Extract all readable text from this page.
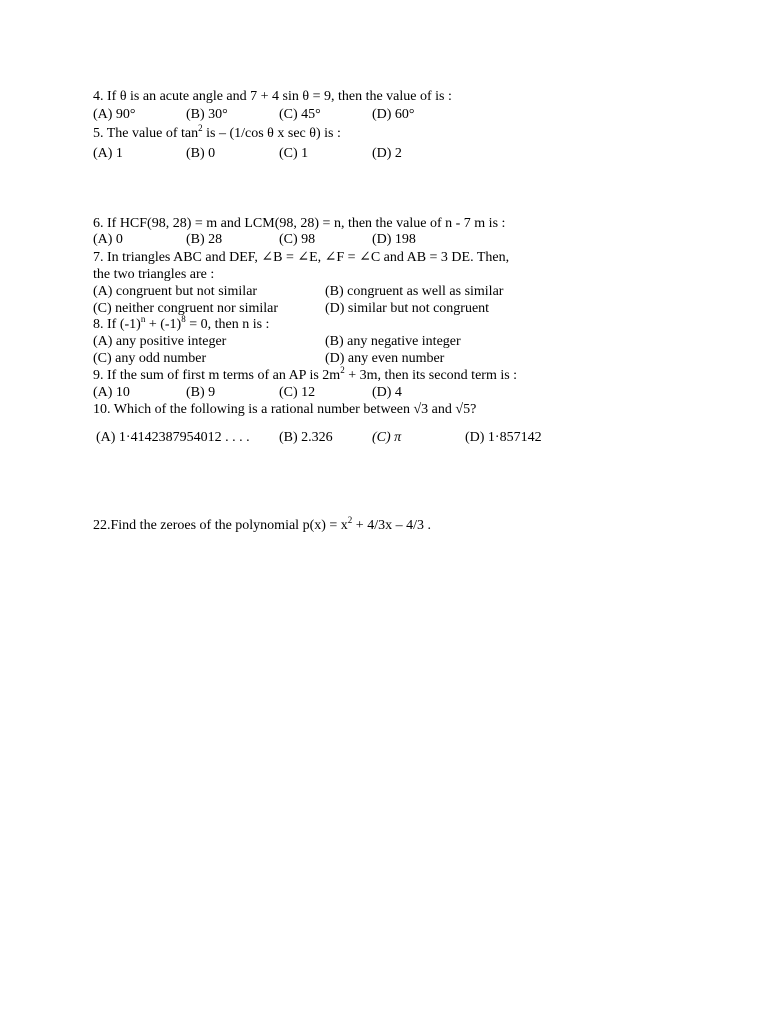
4. If θ is an acute angle and 7 + 4 sin θ = 9, then the value of is :
(A) 90°	(B) 30°	(C) 45°	(D) 60°
5. The value of $\tan^2$ is – (1/cos θ x sec θ) is :
(A) 1	(B) 0	(C) 1	(D) 2
6. If HCF(98, 28) = m and LCM(98, 28) = n, then the value of n - 7 m is :
(A) 0	(B) 28	(C) 98	(D) 198
7. In triangles ABC and DEF, ∠B = ∠E, ∠F = ∠C and AB = 3 DE. Then,
the two triangles are :
(A) congruent but not similar	(B) congruent as well as similar
(C) neither congruent nor similar	(D) similar but not congruent
8. If $(-1)^n + (-1)^8 = 0$, then n is :
(A) any positive integer	(B) any negative integer
(C) any odd number	(D) any even number
9. If the sum of first m terms of an AP is $2m^2 + 3m$, then its second term is :
(A) 10	(B) 9	(C) 12	(D) 4
10. Which of the following is a rational number between √3 and √5?
(A) 1·4142387954012 . . . . (B) 2.326	(C) π	(D) 1·857142
22.Find the zeroes of the polynomial $p(x) = x^2 + 4/3x - 4/3$ .
